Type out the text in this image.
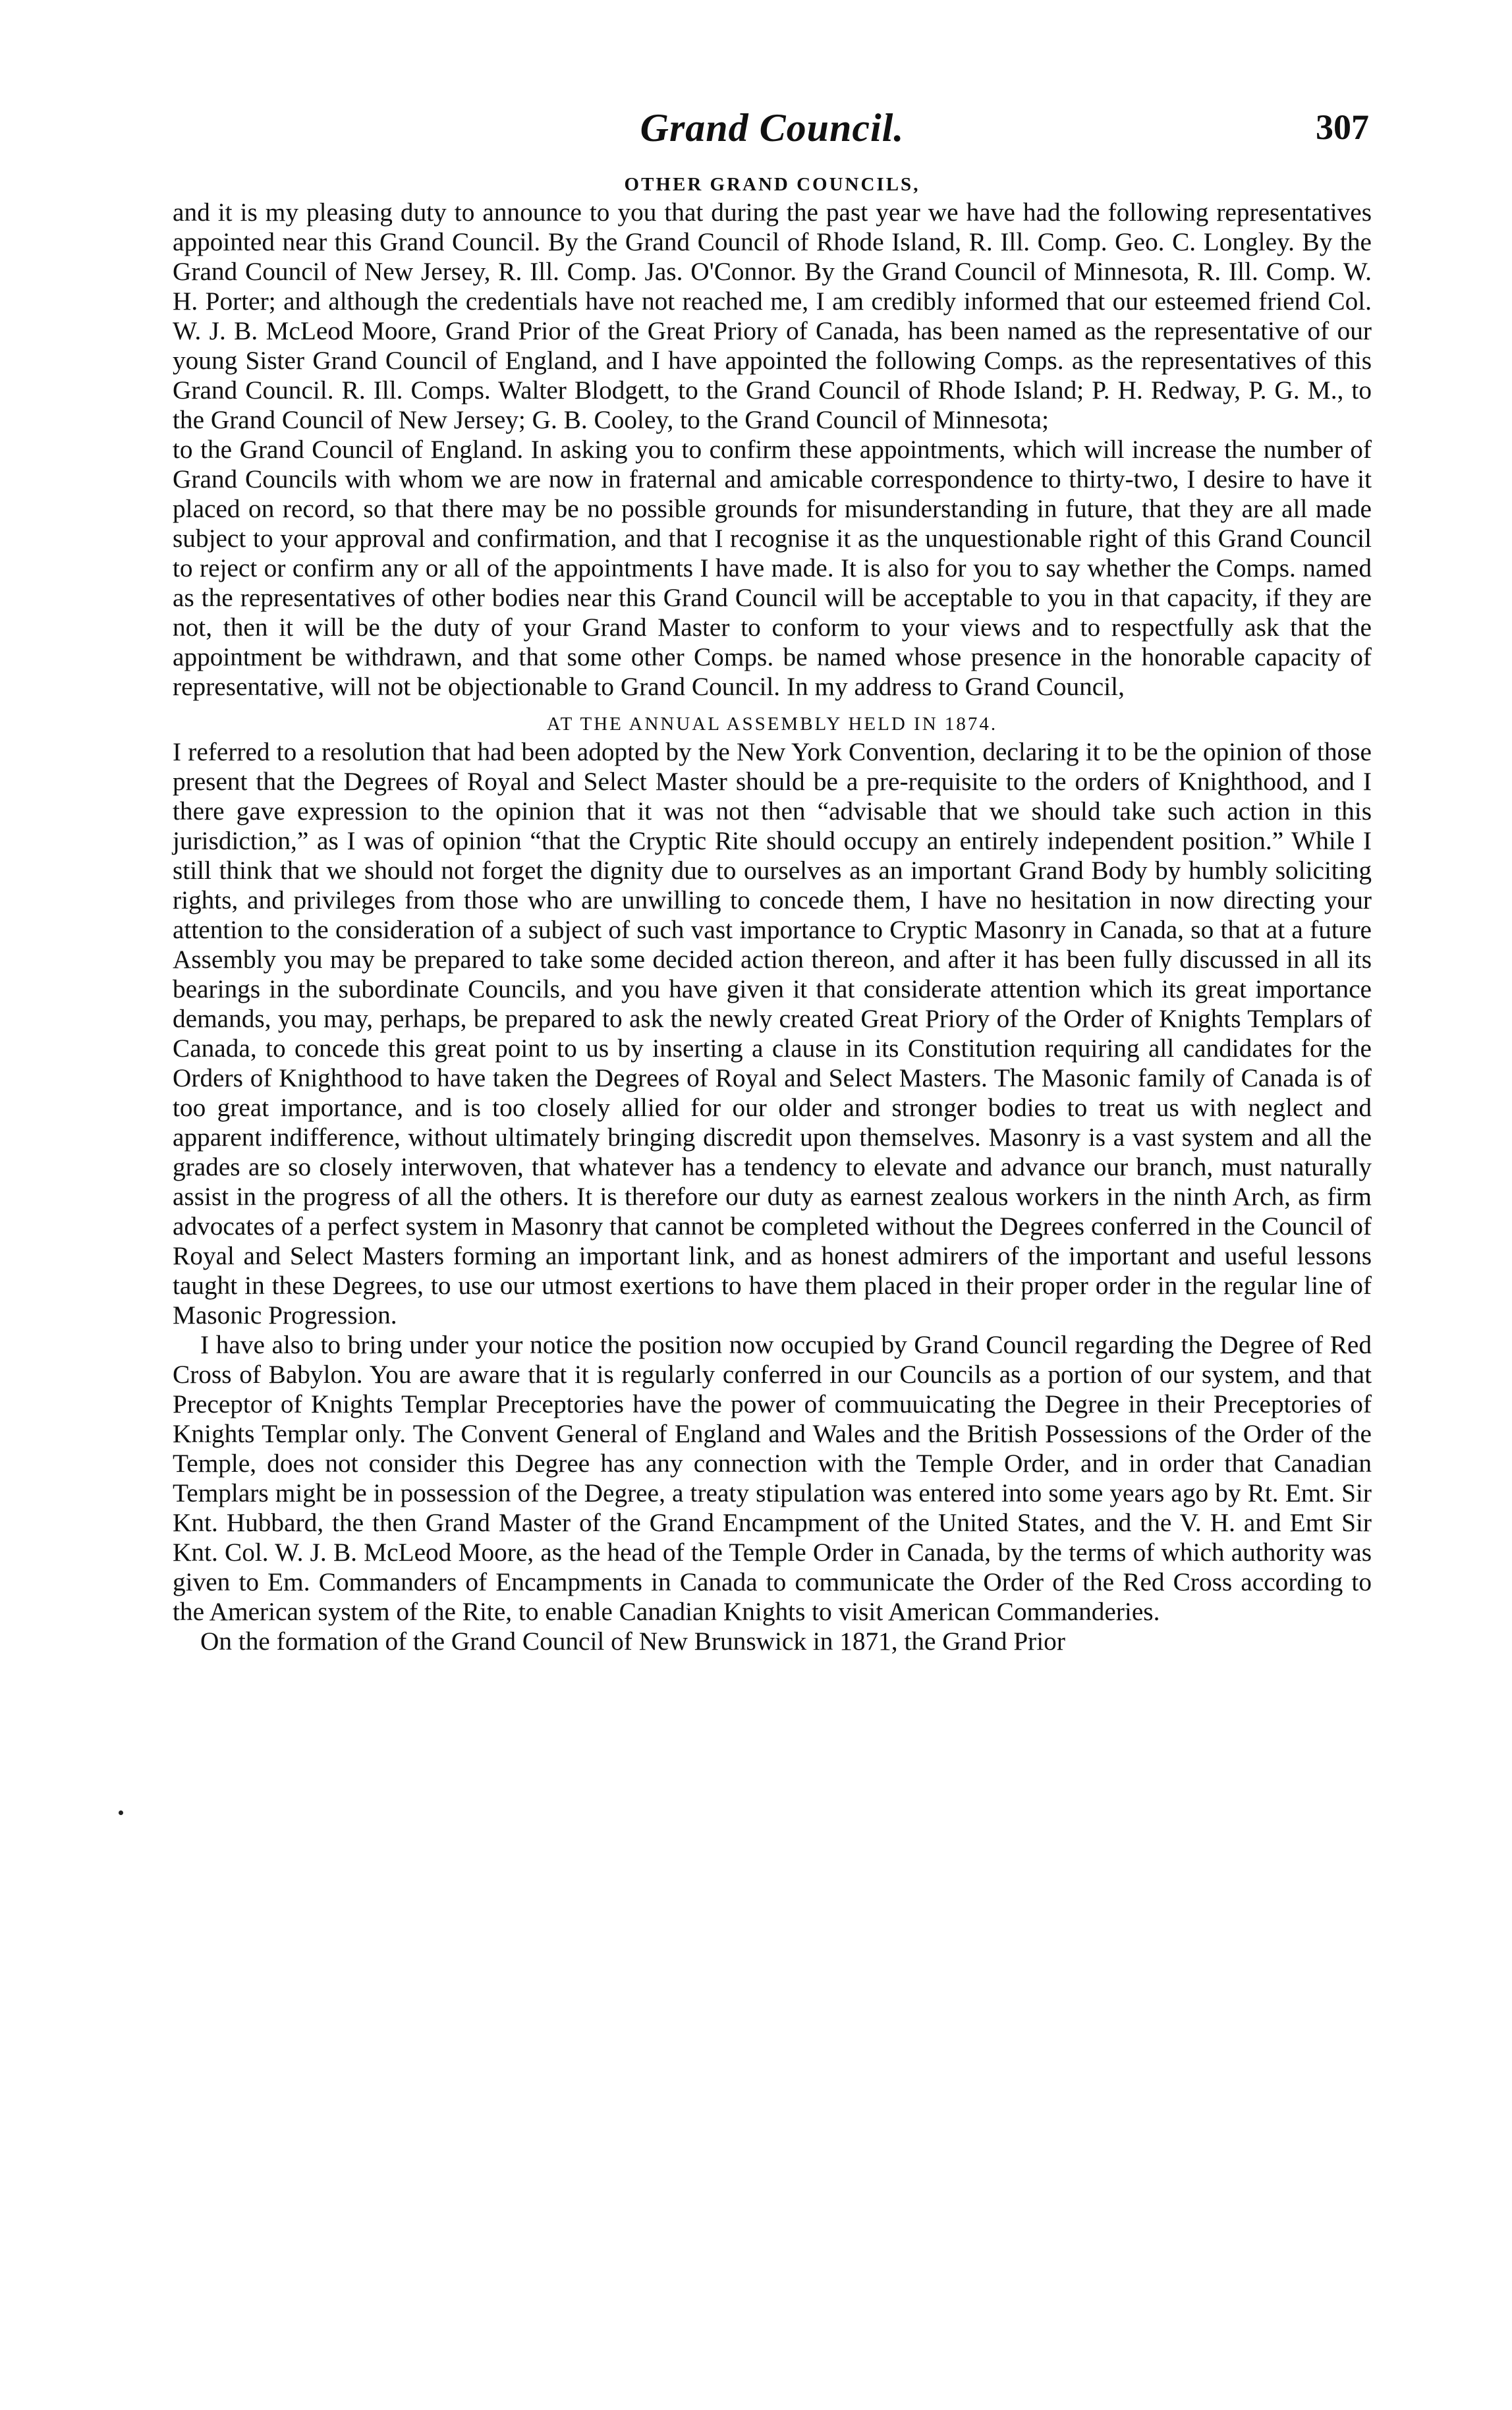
Grand Council.	307

OTHER GRAND COUNCILS,

and it is my pleasing duty to announce to you that during the past year we have had the following representatives appointed near this Grand Council. By the Grand Council of Rhode Island, R. Ill. Comp. Geo. C. Longley. By the Grand Council of New Jersey, R. Ill. Comp. Jas. O'Connor. By the Grand Council of Minnesota, R. Ill. Comp. W. H. Porter; and although the credentials have not reached me, I am credibly informed that our esteemed friend Col. W. J. B. McLeod Moore, Grand Prior of the Great Priory of Canada, has been named as the representative of our young Sister Grand Council of England, and I have appointed the following Comps. as the representatives of this Grand Council. R. Ill. Comps. Walter Blodgett, to the Grand Council of Rhode Island; P. H. Redway, P. G. M., to the Grand Council of New Jersey; G. B. Cooley, to the Grand Council of Minnesota;

to the Grand Council of England. In asking you to confirm these appointments, which will increase the number of Grand Councils with whom we are now in fraternal and amicable correspondence to thirty-two, I desire to have it placed on record, so that there may be no possible grounds for misunderstanding in future, that they are all made subject to your approval and confirmation, and that I recognise it as the unquestionable right of this Grand Council to reject or confirm any or all of the appointments I have made. It is also for you to say whether the Comps. named as the representatives of other bodies near this Grand Council will be acceptable to you in that capacity, if they are not, then it will be the duty of your Grand Master to conform to your views and to respectfully ask that the appointment be withdrawn, and that some other Comps. be named whose presence in the honorable capacity of representative, will not be objectionable to Grand Council. In my address to Grand Council,

AT THE ANNUAL ASSEMBLY HELD IN 1874.

I referred to a resolution that had been adopted by the New York Convention, declaring it to be the opinion of those present that the Degrees of Royal and Select Master should be a pre-requisite to the orders of Knighthood, and I there gave expression to the opinion that it was not then “advisable that we should take such action in this jurisdiction,” as I was of opinion “that the Cryptic Rite should occupy an entirely independent position.” While I still think that we should not forget the dignity due to ourselves as an important Grand Body by humbly soliciting rights, and privileges from those who are unwilling to concede them, I have no hesitation in now directing your attention to the consideration of a subject of such vast importance to Cryptic Masonry in Canada, so that at a future Assembly you may be prepared to take some decided action thereon, and after it has been fully discussed in all its bearings in the subordinate Councils, and you have given it that considerate attention which its great importance demands, you may, perhaps, be prepared to ask the newly created Great Priory of the Order of Knights Templars of Canada, to concede this great point to us by inserting a clause in its Constitution requiring all candidates for the Orders of Knighthood to have taken the Degrees of Royal and Select Masters. The Masonic family of Canada is of too great importance, and is too closely allied for our older and stronger bodies to treat us with neglect and apparent indifference, without ultimately bringing discredit upon themselves. Masonry is a vast system and all the grades are so closely interwoven, that whatever has a tendency to elevate and advance our branch, must naturally assist in the progress of all the others. It is therefore our duty as earnest zealous workers in the ninth Arch, as firm advocates of a perfect system in Masonry that cannot be completed without the Degrees conferred in the Council of Royal and Select Masters forming an important link, and as honest admirers of the important and useful lessons taught in these Degrees, to use our utmost exertions to have them placed in their proper order in the regular line of Masonic Progression.

I have also to bring under your notice the position now occupied by Grand Council regarding the Degree of Red Cross of Babylon. You are aware that it is regularly conferred in our Councils as a portion of our system, and that Preceptor of Knights Templar Preceptories have the power of commuuicating the Degree in their Preceptories of Knights Templar only. The Convent General of England and Wales and the British Possessions of the Order of the Temple, does not consider this Degree has any connection with the Temple Order, and in order that Canadian Templars might be in possession of the Degree, a treaty stipulation was entered into some years ago by Rt. Emt. Sir Knt. Hubbard, the then Grand Master of the Grand Encampment of the United States, and the V. H. and Emt Sir Knt. Col. W. J. B. McLeod Moore, as the head of the Temple Order in Canada, by the terms of which authority was given to Em. Commanders of Encampments in Canada to communicate the Order of the Red Cross according to the American system of the Rite, to enable Canadian Knights to visit American Commanderies.

On the formation of the Grand Council of New Brunswick in 1871, the Grand Prior
